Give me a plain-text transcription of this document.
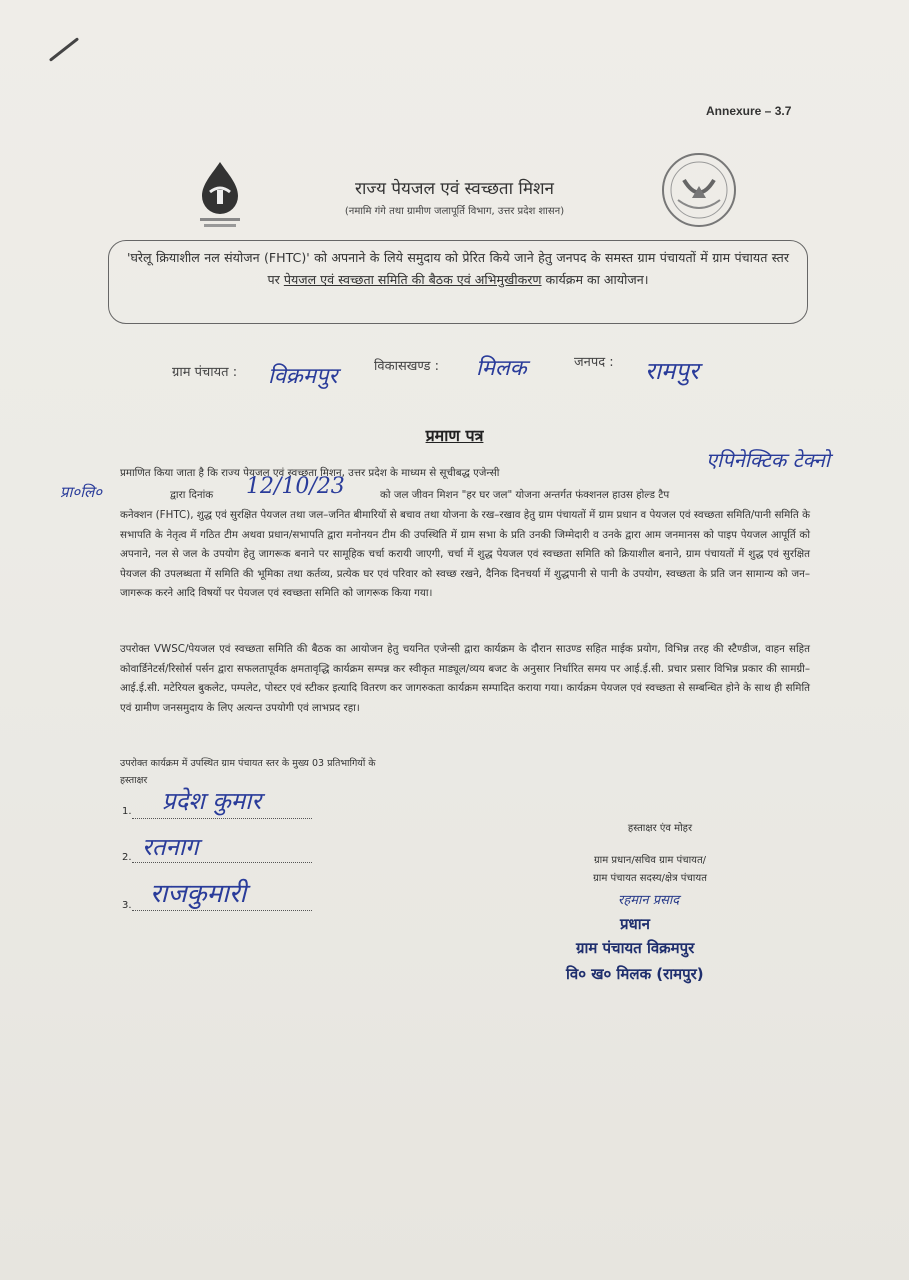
Annexure – 3.7
राज्य पेयजल एवं स्वच्छता मिशन
(नमामि गंगे तथा ग्रामीण जलापूर्ति विभाग, उत्तर प्रदेश शासन)
'घरेलू क्रियाशील नल संयोजन (FHTC)' को अपनाने के लिये समुदाय को प्रेरित किये जाने हेतु जनपद के समस्त ग्राम पंचायतों में ग्राम पंचायत स्तर पर पेयजल एवं स्वच्छता समिति की बैठक एवं अभिमुखीकरण कार्यक्रम का आयोजन।
ग्राम पंचायत : विक्रमपुर	विकासखण्ड : मिलक	जनपद : रामपुर
प्रमाण पत्र
प्रमाणित किया जाता है कि राज्य पेयजल एवं स्वच्छता मिशन, उत्तर प्रदेश के माध्यम से सूचीबद्ध एजेन्सी
एपिनेक्टिक टेक्नो
प्रा०लि०	द्वारा दिनांक	12/10/23	को जल जीवन मिशन "हर घर जल" योजना अन्तर्गत फंक्शनल हाउस होल्ड टैप
कनेक्शन (FHTC), शुद्ध एवं सुरक्षित पेयजल तथा जल–जनित बीमारियों से बचाव तथा योजना के रख–रखाव हेतु ग्राम पंचायतों में ग्राम प्रधान व पेयजल एवं स्वच्छता समिति/पानी समिति के सभापति के नेतृत्व में गठित टीम अथवा प्रधान/सभापति द्वारा मनोनयन टीम की उपस्थिति में ग्राम सभा के प्रति उनकी जिम्मेदारी व उनके द्वारा आम जनमानस को पाइप पेयजल आपूर्ति को अपनाने, नल से जल के उपयोग हेतु जागरूक बनाने पर सामूहिक चर्चा करायी जाएगी, चर्चा में शुद्ध पेयजल एवं स्वच्छता समिति को क्रियाशील बनाने, ग्राम पंचायतों में शुद्ध एवं सुरक्षित पेयजल की उपलब्धता में समिति की भूमिका तथा कर्तव्य, प्रत्येक घर एवं परिवार को स्वच्छ रखने, दैनिक दिनचर्या में शुद्धपानी से पानी के उपयोग, स्वच्छता के प्रति जन सामान्य को जन–जागरूक करने आदि विषयों पर पेयजल एवं स्वच्छता समिति को जागरूक किया गया।
उपरोक्त VWSC/पेयजल एवं स्वच्छता समिति की बैठक का आयोजन हेतु चयनित एजेन्सी द्वारा कार्यक्रम के दौरान साउण्ड सहित माईक प्रयोग, विभिन्न तरह की स्टैण्डीज, वाहन सहित कोवार्डिनेटर्स/रिसोर्स पर्सन द्वारा सफलतापूर्वक क्षमतावृद्धि कार्यक्रम सम्पन्न कर स्वीकृत माड्यूल/व्यय बजट के अनुसार निर्धारित समय पर आई.ई.सी. प्रचार प्रसार विभिन्न प्रकार की सामग्री–आई.ई.सी. मटेरियल बुकलेट, पम्पलेट, पोस्टर एवं स्टीकर इत्यादि वितरण कर जागरुकता कार्यक्रम सम्पादित कराया गया। कार्यक्रम पेयजल एवं स्वच्छता से सम्बन्धित होने के साथ ही समिति एवं ग्रामीण जनसमुदाय के लिए अत्यन्त उपयोगी एवं लाभप्रद रहा।
उपरोक्त कार्यक्रम में उपस्थित ग्राम पंचायत स्तर के मुख्य 03 प्रतिभागियों के
हस्ताक्षर
1. प्रदेश कुमार
2. रतनाग
3. राजकुमारी
हस्ताक्षर एंव मोहर
ग्राम प्रधान/सचिव ग्राम पंचायत/
ग्राम पंचायत सदस्य/क्षेत्र पंचायत
रहमान प्रसाद
प्रधान
ग्राम पंचायत विक्रमपुर
वि० ख० मिलक (रामपुर)
